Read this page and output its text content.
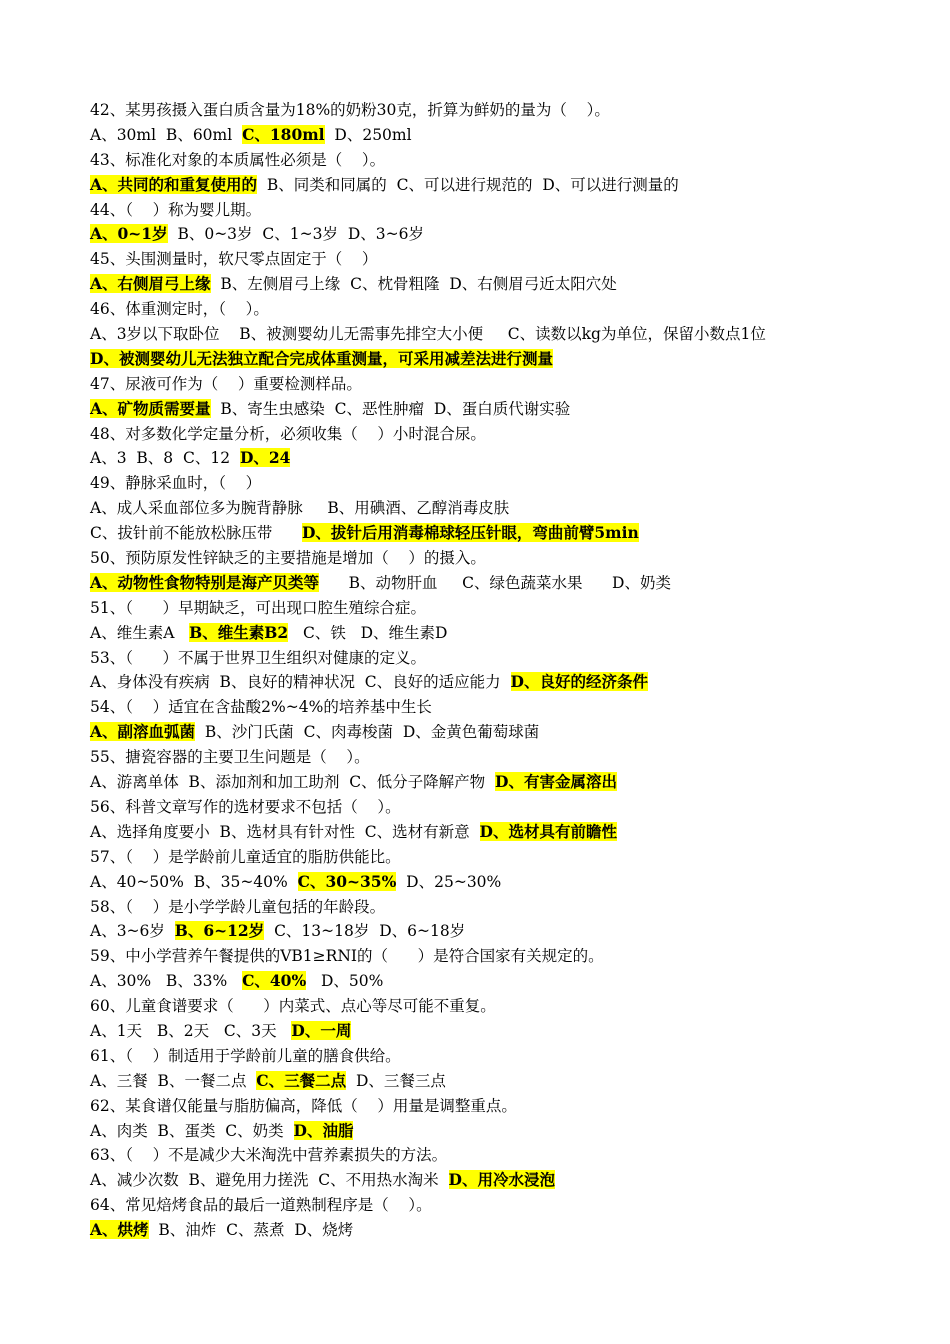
42、某男孩摄入蛋白质含量为18%的奶粉30克，折算为鲜奶的量为（    ）。
A、30ml  B、60ml  C、180ml  D、250ml
43、标准化对象的本质属性必须是（    ）。
A、共同的和重复使用的  B、同类和同属的  C、可以进行规范的  D、可以进行测量的
44、（    ）称为婴儿期。
A、0~1岁  B、0~3岁  C、1~3岁  D、3~6岁
45、头围测量时，软尺零点固定于（    ）
A、右侧眉弓上缘  B、左侧眉弓上缘  C、枕骨粗隆  D、右侧眉弓近太阳穴处
46、体重测定时，（    ）。
A、3岁以下取卧位    B、被测婴幼儿无需事先排空大小便     C、读数以kg为单位，保留小数点1位
D、被测婴幼儿无法独立配合完成体重测量，可采用减差法进行测量
47、尿液可作为（    ）重要检测样品。
A、矿物质需要量  B、寄生虫感染  C、恶性肿瘤  D、蛋白质代谢实验
48、对多数化学定量分析，必须收集（    ）小时混合尿。
A、3  B、8  C、12  D、24
49、静脉采血时，（    ）
A、成人采血部位多为腕背静脉     B、用碘酒、乙醇消毒皮肤
C、拔针前不能放松脉压带      D、拔针后用消毒棉球轻压针眼，弯曲前臂5min
50、预防原发性锌缺乏的主要措施是增加（    ）的摄入。
A、动物性食物特别是海产贝类等      B、动物肝血     C、绿色蔬菜水果      D、奶类
51、（      ）早期缺乏，可出现口腔生殖综合症。
A、维生素A   B、维生素B2   C、铁   D、维生素D
53、（      ）不属于世界卫生组织对健康的定义。
A、身体没有疾病  B、良好的精神状况  C、良好的适应能力  D、良好的经济条件
54、（    ）适宜在含盐酸2%~4%的培养基中生长
A、副溶血弧菌  B、沙门氏菌  C、肉毒梭菌  D、金黄色葡萄球菌
55、搪瓷容器的主要卫生问题是（    ）。
A、游离单体  B、添加剂和加工助剂  C、低分子降解产物  D、有害金属溶出
56、科普文章写作的选材要求不包括（    ）。
A、选择角度要小  B、选材具有针对性  C、选材有新意  D、选材具有前瞻性
57、（    ）是学龄前儿童适宜的脂肪供能比。
A、40~50%  B、35~40%  C、30~35%  D、25~30%
58、（    ）是小学学龄儿童包括的年龄段。
A、3~6岁  B、6~12岁  C、13~18岁  D、6~18岁
59、中小学营养午餐提供的VB1≥RNI的（      ）是符合国家有关规定的。
A、30%   B、33%   C、40%   D、50%
60、儿童食谱要求（      ）内菜式、点心等尽可能不重复。
A、1天   B、2天   C、3天   D、一周
61、（    ）制适用于学龄前儿童的膳食供给。
A、三餐  B、一餐二点  C、三餐二点  D、三餐三点
62、某食谱仅能量与脂肪偏高，降低（    ）用量是调整重点。
A、肉类  B、蛋类  C、奶类  D、油脂
63、（    ）不是减少大米淘洗中营养素损失的方法。
A、减少次数  B、避免用力搓洗  C、不用热水淘米  D、用冷水浸泡
64、常见焙烤食品的最后一道熟制程序是（    ）。
A、烘烤  B、油炸  C、蒸煮  D、烧烤
